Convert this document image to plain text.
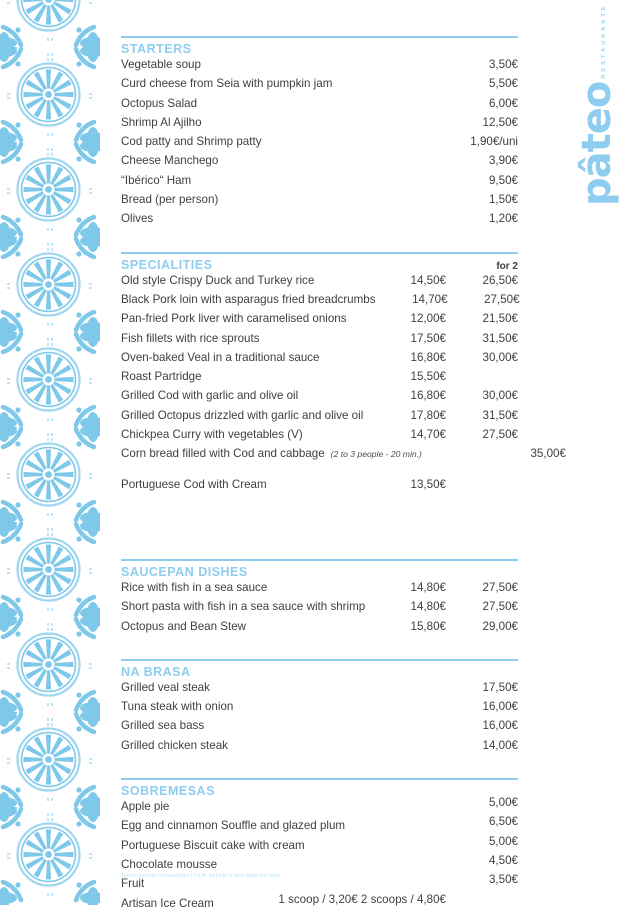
pâteo
RESTAURANTE
STARTERS
Vegetable soup	3,50€
Curd cheese from Seia with pumpkin jam	5,50€
Octopus Salad	6,00€
Shrimp Al Ajilho	12,50€
Cod patty and Shrimp patty	1,90€/uni
Cheese Manchego	3,90€
“Ibérico“ Ham	9,50€
Bread (per person)	1,50€
Olives	1,20€
SPECIALITIES	for 2
Old style Crispy Duck and Turkey rice	14,50€	26,50€
Black Pork loin with asparagus fried breadcrumbs	14,70€	27,50€
Pan-fried Pork liver with caramelised onions	12,00€	21,50€
Fish fillets with rice sprouts	17,50€	31,50€
Oven-baked Veal in a traditional sauce	16,80€	30,00€
Roast Partridge	15,50€
Grilled Cod with garlic and olive oil	16,80€	30,00€
Grilled Octopus drizzled with garlic and olive oil	17,80€	31,50€
Chickpea Curry with vegetables (V)	14,70€	27,50€
Corn bread filled with Cod and cabbage (2 to 3 people - 20 min.)	35,00€
Portuguese Cod with Cream	13,50€
SAUCEPAN DISHES
Rice with fish in a sea sauce	14,80€	27,50€
Short pasta with fish in a sea sauce with shrimp	14,80€	27,50€
Octopus and Bean Stew	15,80€	29,00€
NA BRASA
Grilled veal steak	17,50€
Tuna steak with onion	16,00€
Grilled sea bass	16,00€
Grilled chicken steak	14,00€
SOBREMESAS
Apple pie	5,00€
Egg and cinnamon Souffle and glazed plum	6,50€
Portuguese Biscuit cake with cream	5,00€
Chocolate mousse	4,50€
Fruit	3,50€
Artisan Ice Cream	1 scoop / 3,20€ 2 scoops / 4,80€
Temos livro de reclamações | I.V.A. incluído à taxa legal em vigor
